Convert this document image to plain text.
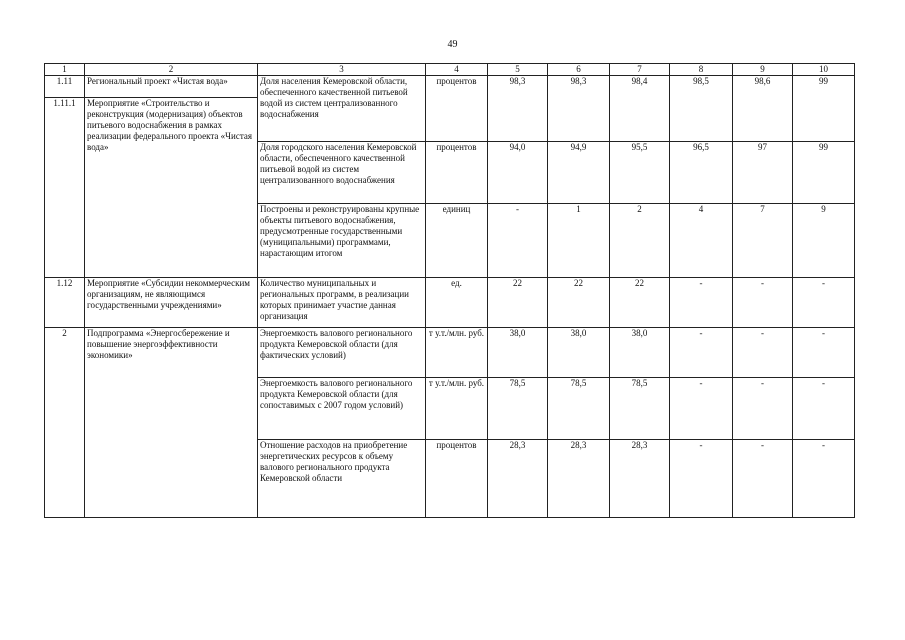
49
1	2	3	4	5	6	7	8	9	10
1.11	Региональный проект «Чистая вода»	Доля населения Кемеровской области, обеспеченного качественной питьевой водой из систем централизованного водоснабжения	процентов	98,3	98,3	98,4	98,5	98,6	99
1.11.1	Мероприятие «Строительство и реконструкция (модернизация) объектов питьевого водоснабжения в рамках реализации федерального проекта «Чистая вода»								
		Доля городского населения Кемеровской области, обеспеченного качественной питьевой водой из систем централизованного водоснабжения	процентов	94,0	94,9	95,5	96,5	97	99
		Построены и реконструированы крупные объекты питьевого водоснабжения, предусмотренные государственными (муниципальными) программами, нарастающим итогом	единиц	-	1	2	4	7	9
1.12	Мероприятие «Субсидии некоммерческим организациям, не являющимся государственными учреждениями»	Количество муниципальных и региональных программ, в реализации которых принимает участие данная организация	ед.	22	22	22	-	-	-
2	Подпрограмма «Энергосбережение и повышение энергоэффективности экономики»	Энергоемкость валового регионального продукта Кемеровской области (для фактических условий)	т у.т./млн. руб.	38,0	38,0	38,0	-	-	-
		Энергоемкость валового регионального продукта Кемеровской области (для сопоставимых с 2007 годом условий)	т у.т./млн. руб.	78,5	78,5	78,5	-	-	-
		Отношение расходов на приобретение энергетических ресурсов к объему валового регионального продукта Кемеровской области	процентов	28,3	28,3	28,3	-	-	-
